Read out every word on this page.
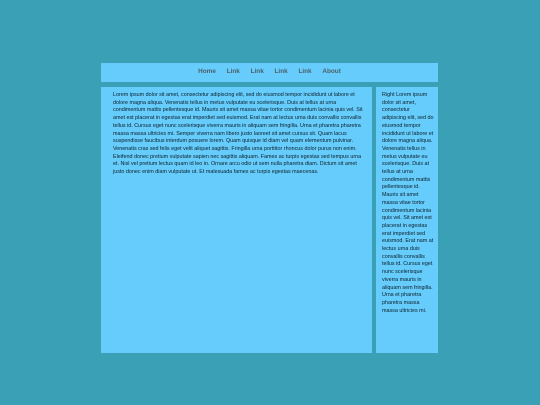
Home Link Link Link Link About

Lorem ipsum dolor sit amet, consectetur adipiscing elit, sed do eiusmod tempor incididunt ut labore et dolore magna aliqua. Venenatis tellus in metus vulputate eu scelerisque. Duis at tellus at urna condimentum mattis pellentesque id. Mauris sit amet massa vitae tortor condimentum lacinia quis vel. Sit amet est placerat in egestas erat imperdiet sed euismod. Erat nam at lectus urna duis convallis convallis tellus id. Cursus eget nunc scelerisque viverra mauris in aliquam sem fringilla. Urna et pharetra pharetra massa massa ultricies mi. Semper viverra nam libero justo laoreet sit amet cursus sit. Quam lacus suspendisse faucibus interdum posuere lorem. Quam quisque id diam vel quam elementum pulvinar. Venenatis cras sed felis eget velit aliquet sagittis. Fringilla urna porttitor rhoncus dolor purus non enim. Eleifend donec pretium vulputate sapien nec sagittis aliquam. Fames ac turpis egestas sed tempus urna et. Nisl vel pretium lectus quam id leo in. Ornare arcu odio ut sem nulla pharetra diam. Dictum sit amet justo donec enim diam vulputate ut. Et malesuada fames ac turpis egestas maecenas.

Right Lorem ipsum dolor sit amet, consectetur adipiscing elit, sed do eiusmod tempor incididunt ut labore et dolore magna aliqua. Venenatis tellus in metus vulputate eu scelerisque. Duis at tellus at urna condimentum mattis pellentesque id. Mauris sit amet massa vitae tortor condimentum lacinia quis vel. Sit amet est placerat in egestas erat imperdiet sed euismod. Erat nam at lectus urna duis convallis convallis tellus id. Cursus eget nunc scelerisque viverra mauris in aliquam sem fringilla. Urna et pharetra pharetra massa massa ultricies mi.
